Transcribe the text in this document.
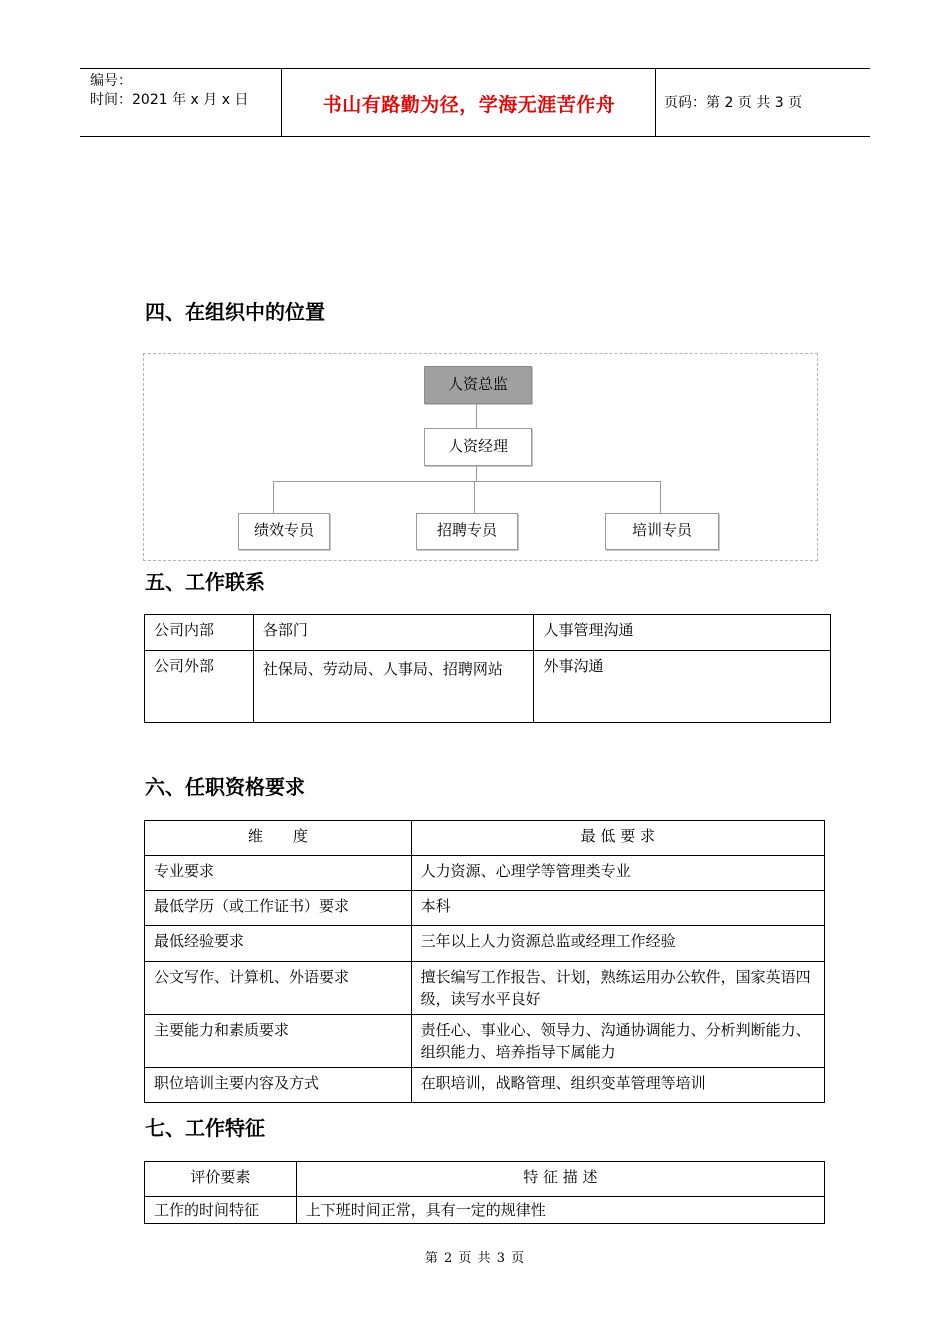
编号：
时间：2021 年 x 月 x 日	书山有路勤为径，学海无涯苦作舟	页码：第 2 页 共 3 页
四、在组织中的位置
人资总监
人资经理
绩效专员	招聘专员	培训专员
五、工作联系
公司内部	各部门	人事管理沟通
公司外部	社保局、劳动局、人事局、招聘网站	外事沟通
六、任职资格要求
维　　度	最 低 要 求
专业要求	人力资源、心理学等管理类专业
最低学历（或工作证书）要求	本科
最低经验要求	三年以上人力资源总监或经理工作经验
公文写作、计算机、外语要求	擅长编写工作报告、计划，熟练运用办公软件，国家英语四级，读写水平良好
主要能力和素质要求	责任心、事业心、领导力、沟通协调能力、分析判断能力、组织能力、培养指导下属能力
职位培训主要内容及方式	在职培训，战略管理、组织变革管理等培训
七、工作特征
评价要素	特 征 描 述
工作的时间特征	上下班时间正常，具有一定的规律性
第 2 页 共 3 页
